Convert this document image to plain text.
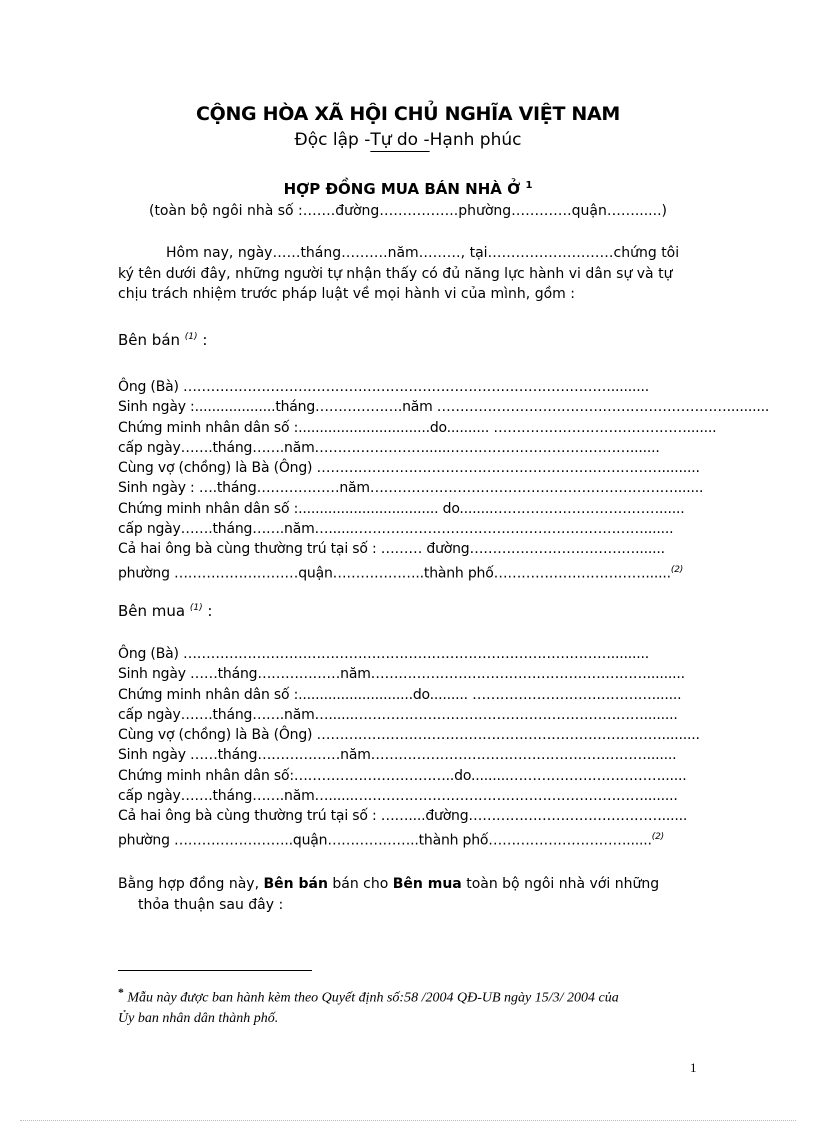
CỘNG HÒA XÃ HỘI CHỦ NGHĨA VIỆT NAM
Độc lập -Tự do -Hạnh phúc
HỢP ĐỒNG MUA BÁN NHÀ Ở $^1$
(toàn bộ ngôi nhà số :…….đường……………..phường………….quận……......)
Hôm nay, ngày……tháng……….năm………, tại………………………chứng tôi
ký tên dưới đây, những người tự nhận thấy có đủ năng lực hành vi dân sự và tự
chịu trách nhiệm trước pháp luật về mọi hành vi của mình, gồm :
Bên bán $^{(1)}$ :
Ông (Bà) ………………………………………………………………………………….........
Sinh ngày :...................tháng……………….năm ………………………………………………………..........
Chứng minh nhân dân số :...............................do.......... …………………………………….......
cấp ngày…….tháng…….năm……………………......………………………………….......
Cùng vợ (chồng) là Bà (Ông) ………………………………………………………………….........
Sinh ngày : ….tháng………………năm………………………………………………………….......
Chứng minh nhân dân số :................................. do........………………………………......
cấp ngày…….tháng…….năm…......……………………………………………………….......
Cả hai ông bà cùng thường trú tại số : ……… đường……………………………….......
phường ………………………quận………………..thành phố……………………………......$^{(2)}$
Bên mua $^{(1)}$ :
Ông (Bà) ………………………………………………………………………………….........
Sinh ngày ……tháng………………năm…………………………………………………….........
Chứng minh nhân dân số :...........................do......... ………………………………….......
cấp ngày…….tháng…….năm…......………………………………………………………........
Cùng vợ (chồng) là Bà (Ông) ………………………………………………………………….........
Sinh ngày ……tháng………………năm…………………………………………………….......
Chứng minh nhân dân số:……………………………..do.........……………………………......
cấp ngày…….tháng…….năm…......………………………………………………………........
Cả hai ông bà cùng thường trú tại số : ……....đường……………………………………......
phường ……………………..quận………………..thành phố…………………………......$^{(2)}$
Bằng hợp đồng này, Bên bán bán cho Bên mua toàn bộ ngôi nhà với những
thỏa thuận sau đây :
* Mẫu này được ban hành kèm theo Quyết định số:58 /2004 QĐ-UB ngày 15/3/ 2004 của
Ủy ban nhân dân thành phố.
1
